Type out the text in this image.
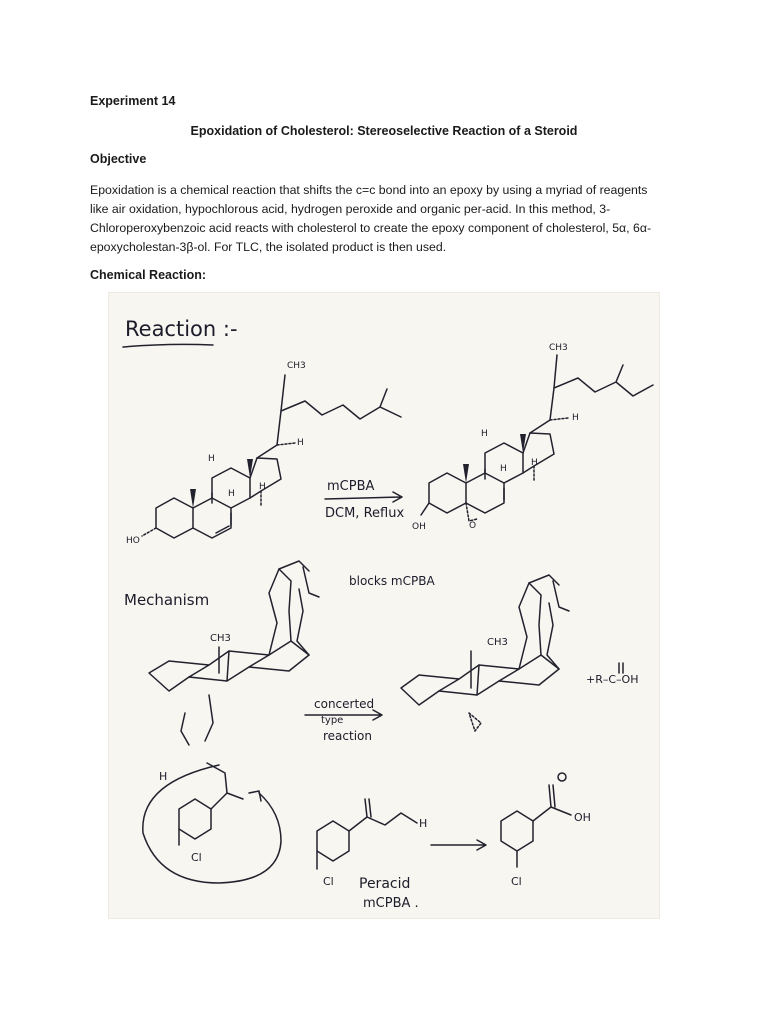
Experiment 14
Epoxidation of Cholesterol: Stereoselective Reaction of a Steroid
Objective
Epoxidation is a chemical reaction that shifts the c=c bond into an epoxy by using a myriad of reagents
like air oxidation, hypochlorous acid, hydrogen peroxide and organic per-acid. In this method, 3-
Chloroperoxybenzoic acid reacts with cholesterol to create the epoxy component of cholesterol, 5α, 6α-
epoxycholestan-3β-ol. For TLC, the isolated product is then used.
Chemical Reaction:
Reaction :-
CH3
H
H
H
H
HO
mCPBA
DCM, Reflux
CH3
H
H
H
H
OH	O
Mechanism
blocks mCPBA
CH3
H
Cl
concerted
type
reaction
CH3
+R–C–OH
H
Cl Peracid
mCPBA .
OH
Cl
